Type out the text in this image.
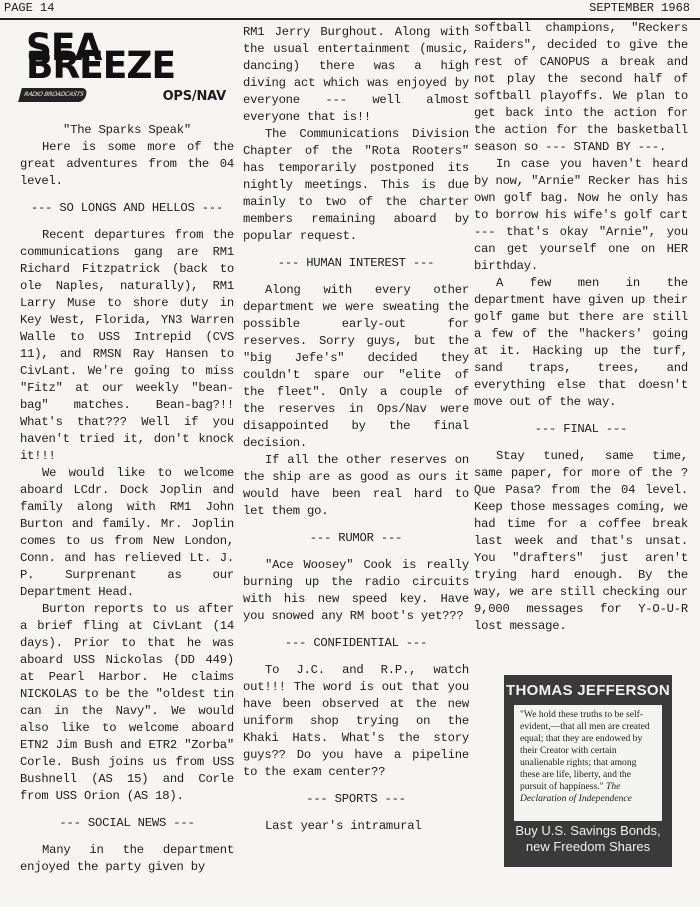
PAGE 14	SEPTEMBER 1968
SEA BREEZE
RADIO BROADCASTS	OPS/NAV

"The Sparks Speak"

Here is some more of the great adventures from the 04 level.

--- SO LONGS AND HELLOS ---

Recent departures from the communications gang are RM1 Richard Fitzpatrick (back to ole Naples, naturally), RM1 Larry Muse to shore duty in Key West, Florida, YN3 Warren Walle to USS Intrepid (CVS 11), and RMSN Ray Hansen to CivLant. We're going to miss "Fitz" at our weekly "bean-bag" matches. Bean-bag?!! What's that??? Well if you haven't tried it, don't knock it!!!

We would like to welcome aboard LCdr. Dock Joplin and family along with RM1 John Burton and family. Mr. Joplin comes to us from New London, Conn. and has relieved Lt. J. P. Surprenant as our Department Head.

Burton reports to us after a brief fling at CivLant (14 days). Prior to that he was aboard USS Nickolas (DD 449) at Pearl Harbor. He claims NICKOLAS to be the "oldest tin can in the Navy". We would also like to welcome aboard ETN2 Jim Bush and ETR2 "Zorba" Corle. Bush joins us from USS Bushnell (AS 15) and Corle from USS Orion (AS 18).

--- SOCIAL NEWS ---

Many in the department enjoyed the party given by

RM1 Jerry Burghout. Along with the usual entertainment (music, dancing) there was a high diving act which was enjoyed by everyone --- well almost everyone that is!!

The Communications Division Chapter of the "Rota Rooters" has temporarily postponed its nightly meetings. This is due mainly to two of the charter members remaining aboard by popular request.

--- HUMAN INTEREST ---

Along with every other department we were sweating the possible early-out for reserves. Sorry guys, but the "big Jefe's" decided they couldn't spare our "elite of the fleet". Only a couple of the reserves in Ops/Nav were disappointed by the final decision.

If all the other reserves on the ship are as good as ours it would have been real hard to let them go.

--- RUMOR ---

"Ace Woosey" Cook is really burning up the radio circuits with his new speed key. Have you snowed any RM boot's yet???

--- CONFIDENTIAL ---

To J.C. and R.P., watch out!!! The word is out that you have been observed at the new uniform shop trying on the Khaki Hats. What's the story guys?? Do you have a pipeline to the exam center??

--- SPORTS ---

Last year's intramural

softball champions, "Reckers Raiders", decided to give the rest of CANOPUS a break and not play the second half of softball playoffs. We plan to get back into the action for the action for the basketball season so --- STAND BY ---.

In case you haven't heard by now, "Arnie" Recker has his own golf bag. Now he only has to borrow his wife's golf cart --- that's okay "Arnie", you can get yourself one on HER birthday.

A few men in the department have given up their golf game but there are still a few of the "hackers' going at it. Hacking up the turf, sand traps, trees, and everything else that doesn't move out of the way.

--- FINAL ---

Stay tuned, same time, same paper, for more of the ?Que Pasa? from the 04 level. Keep those messages coming, we had time for a coffee break last week and that's unsat. You "drafters" just aren't trying hard enough. By the way, we are still checking our 9,000 messages for Y-O-U-R lost message.

THOMAS JEFFERSON
"We hold these truths to be self-evident,—that all men are created equal; that they are endowed by their Creator with certain unalienable rights; that among these are life, liberty, and the pursuit of happiness." The Declaration of Independence
Buy U.S. Savings Bonds,
new Freedom Shares
